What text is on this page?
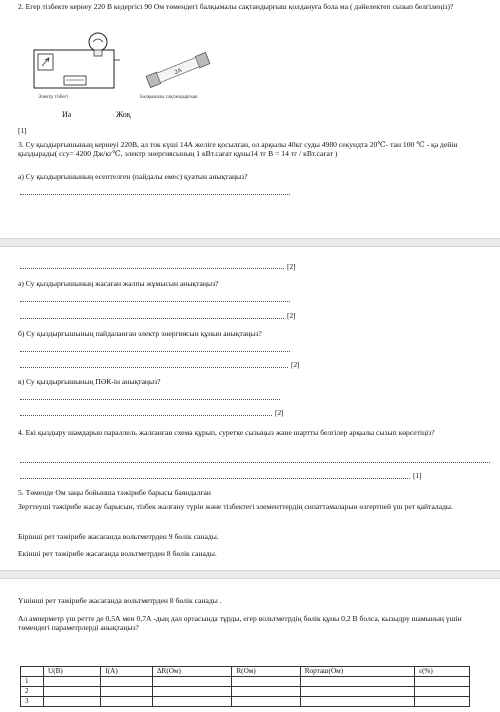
2. Егер тізбекте кернеу 220 В кедергісі 90 Ом төмендегі балқымалы сақтандырғыш қолдануға бола ма ( дәйелектеп сызып белгілеңіз)?
Электр тізбегі
2A
Балқымалы сақтандырғыш
Иә	Жоқ
[1]
3. Су қыздырғышының кернеуі 220В, ал ток күші 14А желіге қосылған, ол арқылы 40кг суды 4980 секундта 20℃- тан 100 ℃ - қа дейін қыздырады( cсу= 4200 Дж/кг℃, электр энергиясының 1 кВт.сағат құны14 тг В = 14 тг / кВт.сағат )
а) Су қыздырғышының есептелген (пайдалы емес) қуатын анықтаңыз?
[2]
ә) Су қыздырғышының жасаған жалпы жұмысын анықтаңыз?
[2]
б) Су қыздырғышының пайдаланған электр энергиясын құнын анықтаңыз?
[2]
в) Су қыздырғышының ПӘК-ін анықтаңыз?
[2]
4. Екі қыздыру шамдарын параллель жалғанған схема құрып, суретке сызыңыз және шартты белгілер арқылы сызып көрсетіңіз?
[1]
5. Төменде Ом заңы бойынша тәжірибе барысы баяндалған
Зерттеуші тәжірибе жасау барысын, тізбек жалғану түрін және тізбектегі элементтердің сипаттамаларын өзгертпей үш рет қайталады.
Бірінші рет тәжірибе жасағанда вольтметрден 9 бөлік санады.
Екінші рет тәжірибе жасағанда вольтметрден 8 бөлік санады.
Үшінші рет тәжірибе жасағанда вольтметрден 8 бөлік санады .
Ал амперметр үш ретте де 0,5А мен 0,7А -дың дәл ортасында тұрды, егер вольтметрдің бөлік құны 0,2 В болса, кызыдру шамының үшін төмендегі параметрлерді анықтаңыз?
	U(В)	I(А)	ΔR(Ом)	R(Ом)	Rорташ(Ом)	ε(%)
1						
2						
3						
